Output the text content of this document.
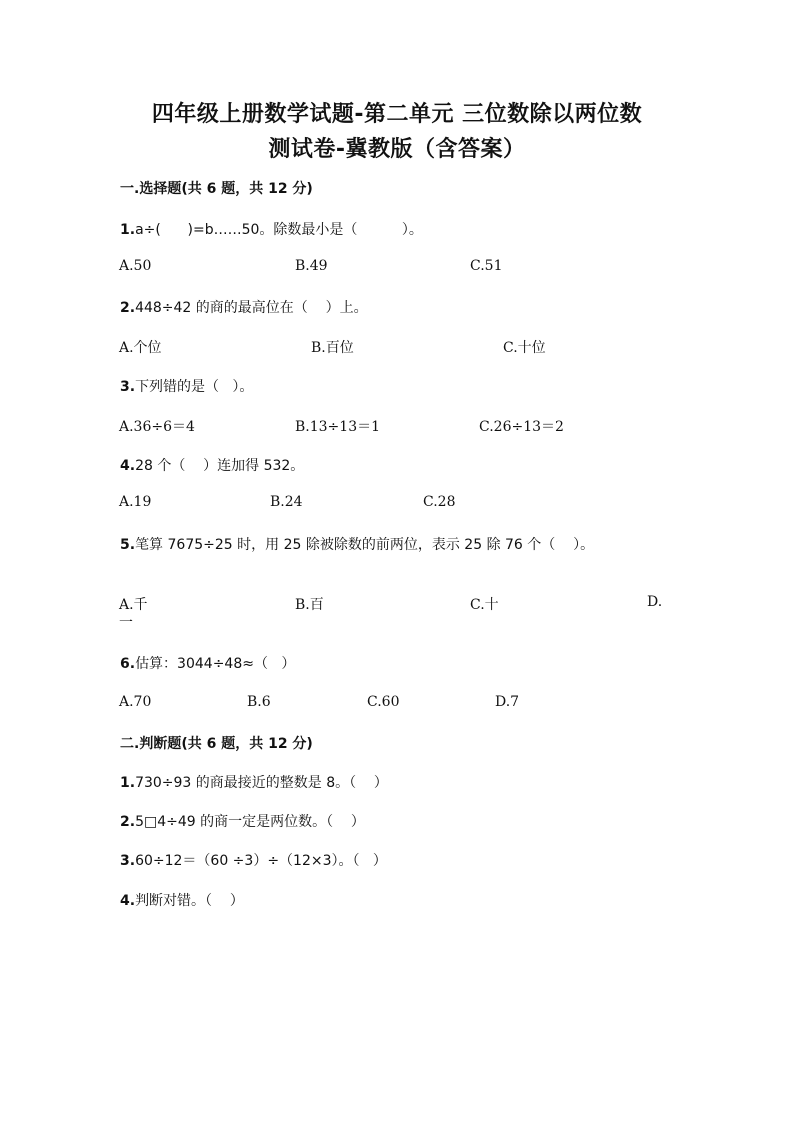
四年级上册数学试题-第二单元 三位数除以两位数
测试卷-冀教版（含答案）
一.选择题(共 6 题，共 12 分)
1.a÷(      )=b……50。除数最小是（          ）。
A.50	B.49	C.51
2.448÷42 的商的最高位在（    ）上。
A.个位	B.百位	C.十位
3.下列错的是（   ）。
A.36÷6＝4	B.13÷13＝1	C.26÷13＝2
4.28 个（    ）连加得 532。
A.19	B.24	C.28
5.笔算 7675÷25 时，用 25 除被除数的前两位，表示 25 除 76 个（    ）。
A.千	B.百	C.十	D.
一
6.估算：3044÷48≈（   ）
A.70	B.6	C.60	D.7
二.判断题(共 6 题，共 12 分)
1.730÷93 的商最接近的整数是 8。（    ）
2.5□4÷49 的商一定是两位数。（    ）
3.60÷12＝（60 ÷3）÷（12×3）。（   ）
4.判断对错。（    ）
